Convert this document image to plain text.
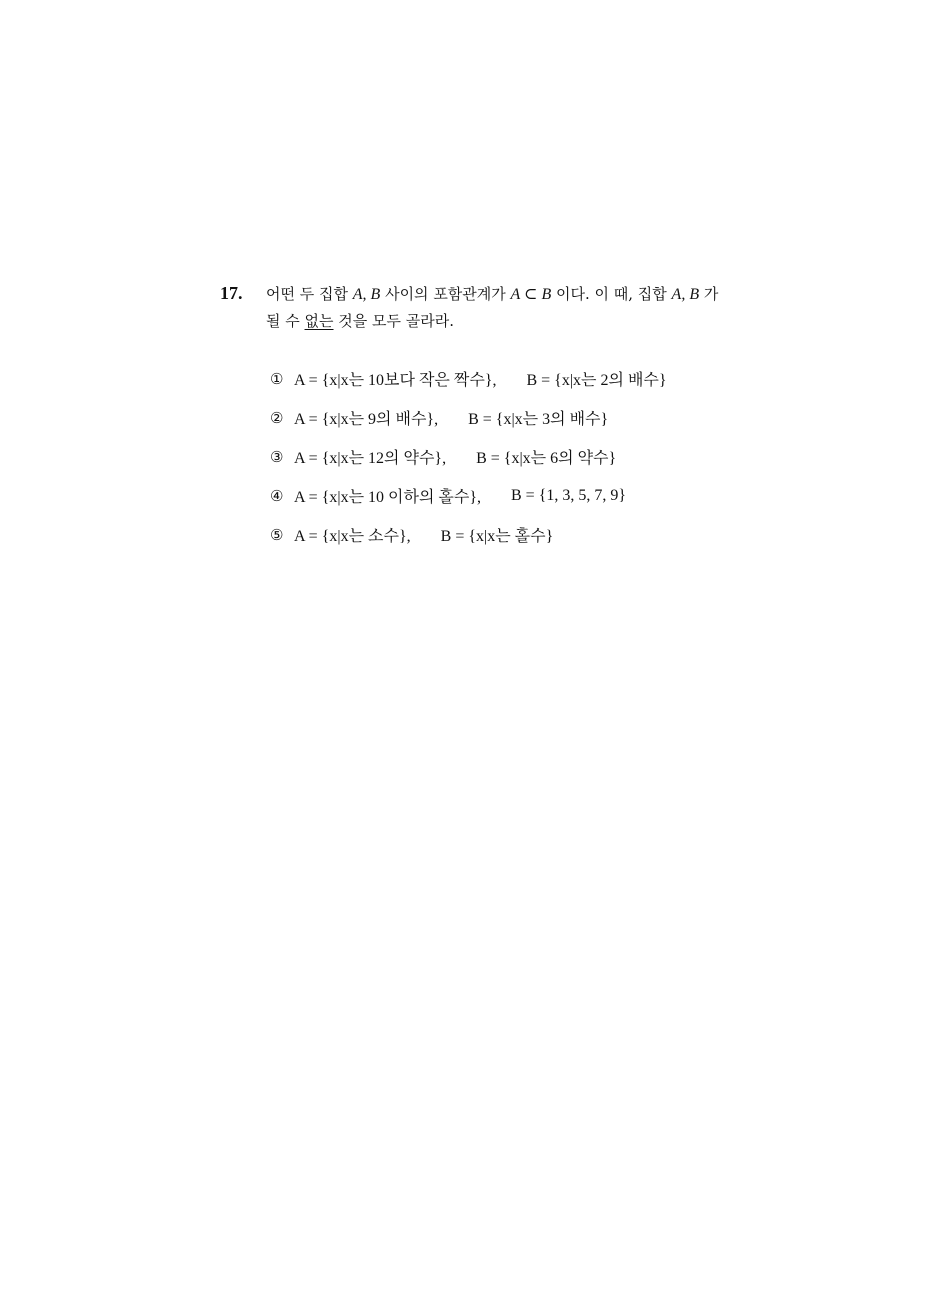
17. 어떤 두 집합 A, B 사이의 포함관계가 A ⊂ B 이다. 이 때, 집합 A, B 가
될 수 없는 것을 모두 골라라.
① A = {x|x는 10보다 작은 짝수}, B = {x|x는 2의 배수}
② A = {x|x는 9의 배수}, B = {x|x는 3의 배수}
③ A = {x|x는 12의 약수}, B = {x|x는 6의 약수}
④ A = {x|x는 10 이하의 홀수}, B = {1, 3, 5, 7, 9}
⑤ A = {x|x는 소수}, B = {x|x는 홀수}
